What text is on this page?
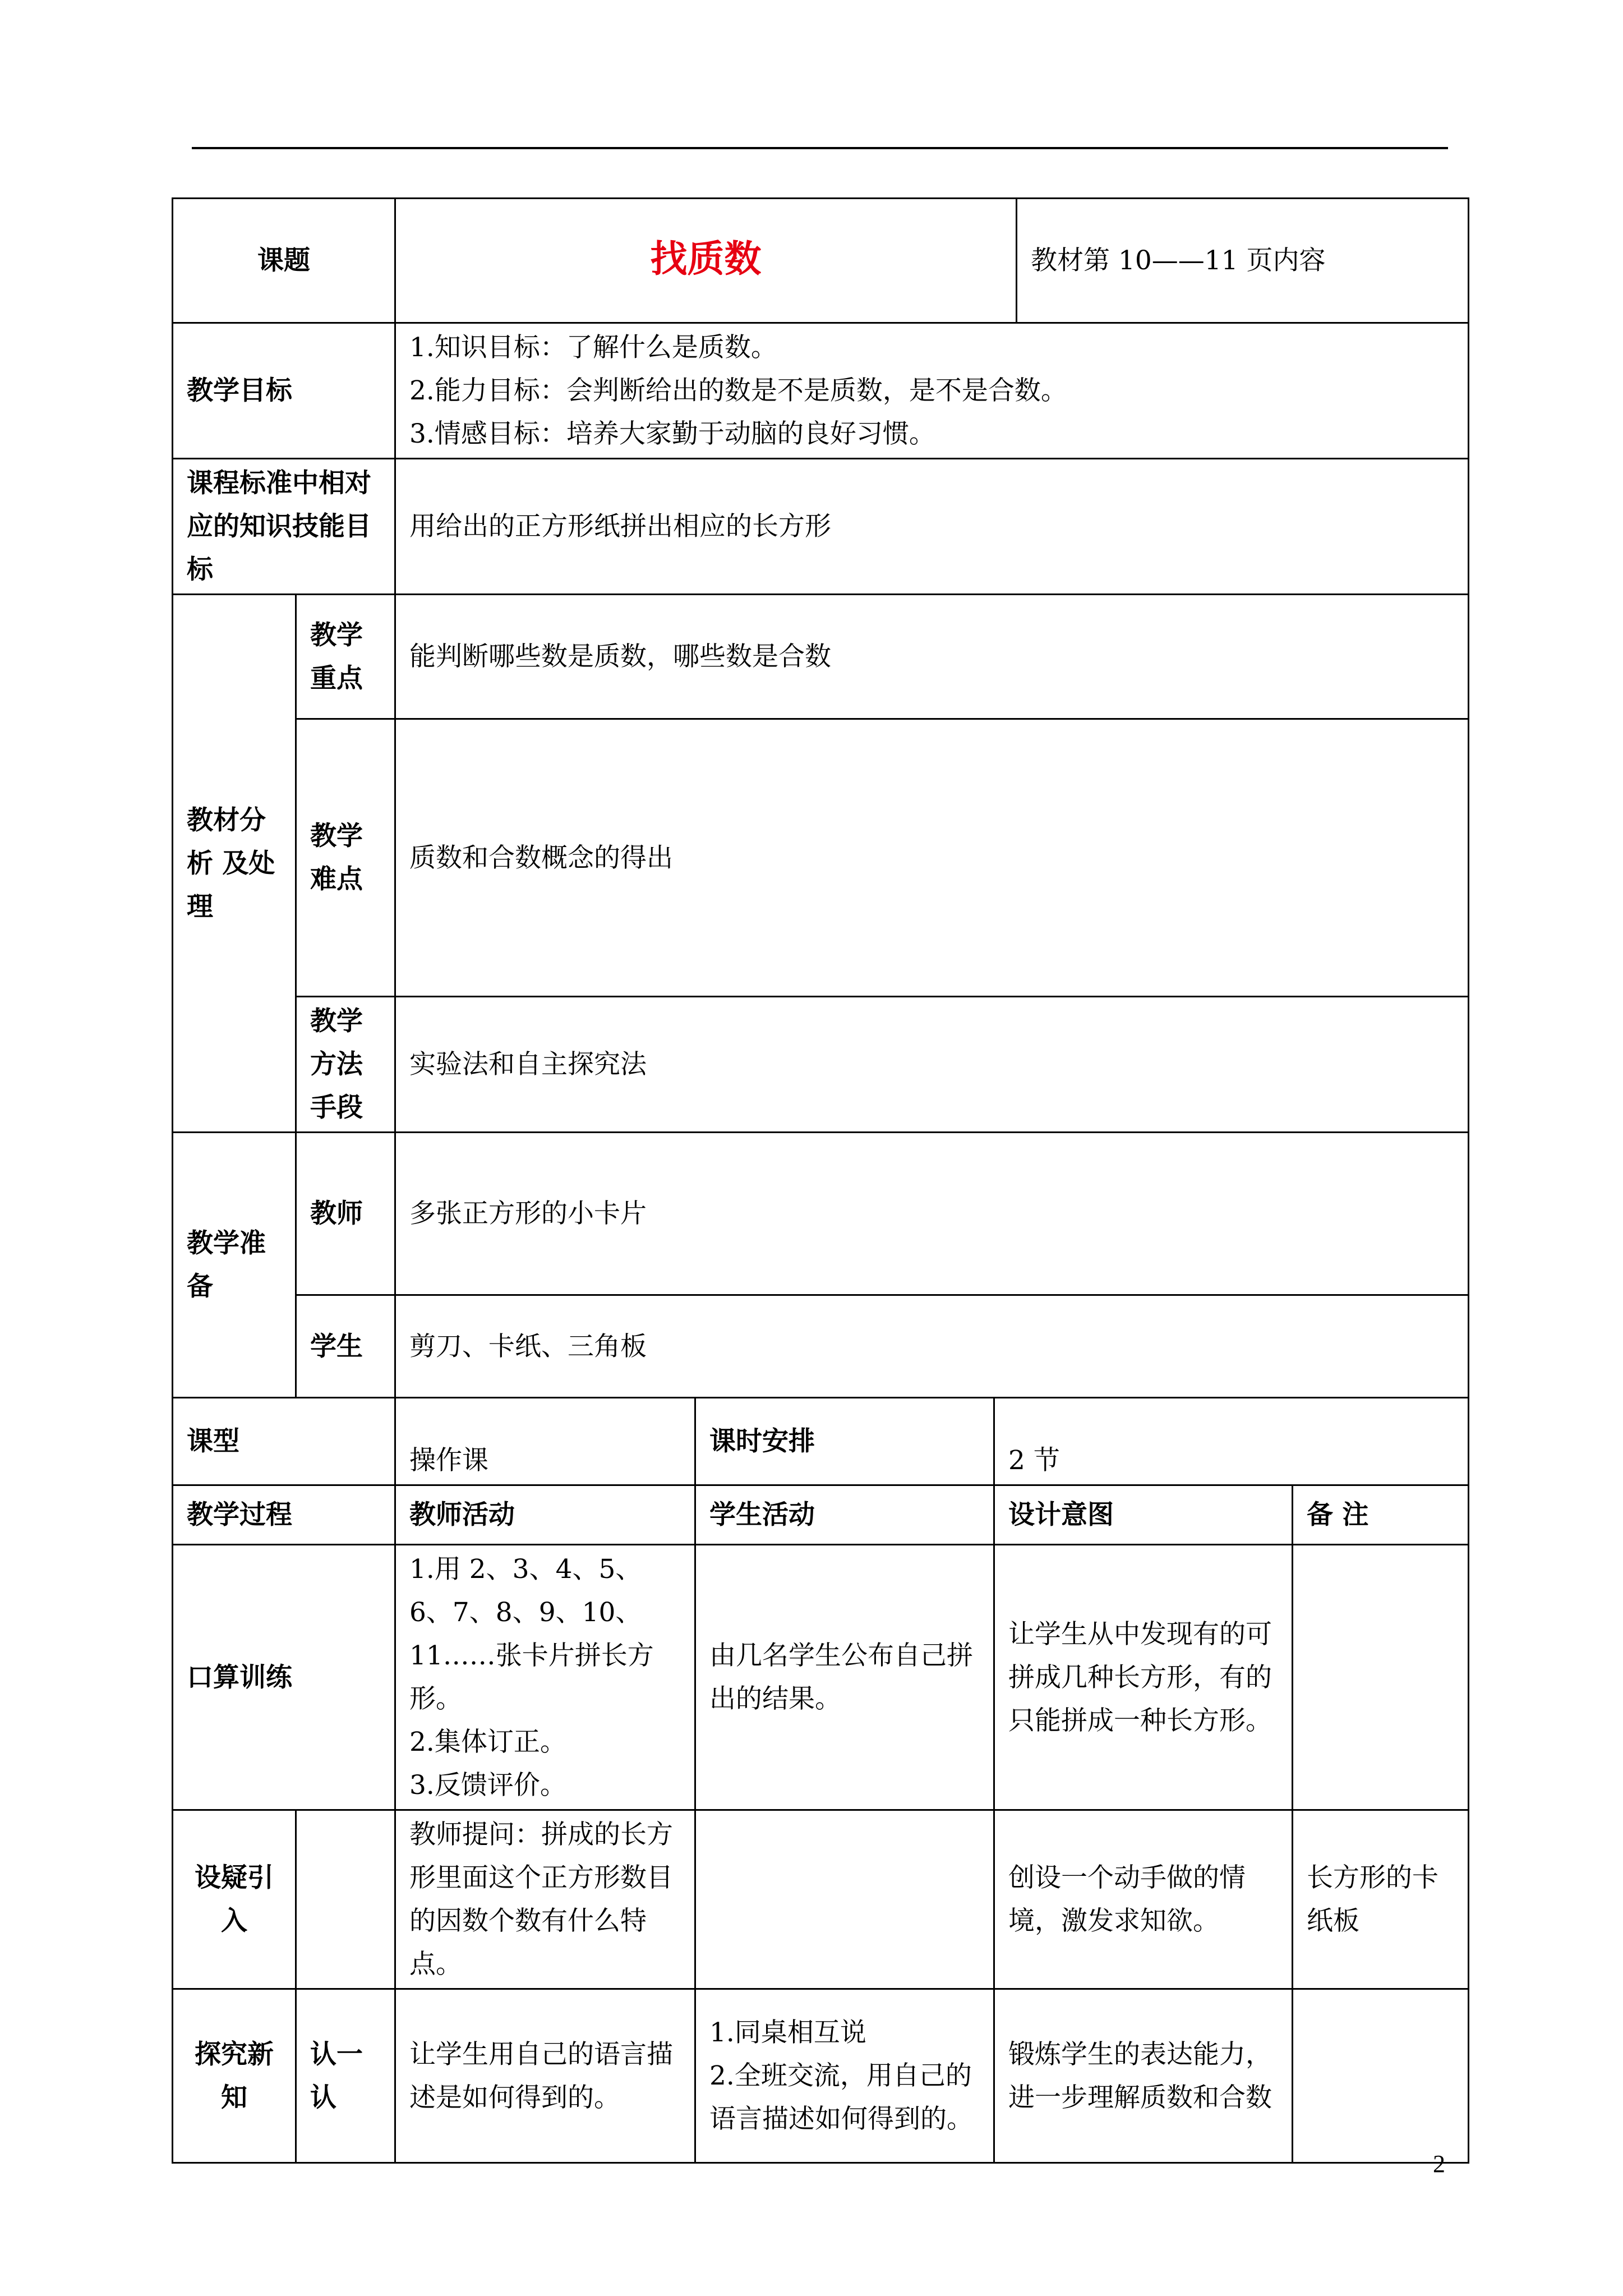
课题		找质数			教材第 10——11 页内容	
教学目标		1.知识目标：了解什么是质数。
2.能力目标：会判断给出的数是不是质数，是不是合数。
3.情感目标：培养大家勤于动脑的良好习惯。				

课程标准中相对应的知识技能目标		用给出的正方形纸拼出相应的长方形				
教材分析 及处理	教学重点	能判断哪些数是质数，哪些数是合数				
	教学难点	质数和合数概念的得出				
	教学方法手段	实验法和自主探究法				
教学准备	教师	多张正方形的小卡片				
	学生	剪刀、卡纸、三角板				
课型		操作课	课时安排	2 节		
教学过程		教师活动	学生活动	设计意图		备 注
口算训练		1.用 2、3、4、5、6、7、8、9、10、11……张卡片拼长方形。
2.集体订正。
3.反馈评价。	由几名学生公布自己拼出的结果。	让学生从中发现有的可拼成几种长方形，有的只能拼成一种长方形。		
设疑引入		教师提问：拼成的长方形里面这个正方形数目的因数个数有什么特点。		创设一个动手做的情境，激发求知欲。		长方形的卡纸板
探究新知	认一认	让学生用自己的语言描述是如何得到的。	1.同桌相互说
2.全班交流，用自己的语言描述如何得到的。	锻炼学生的表达能力，进一步理解质数和合数		
2
